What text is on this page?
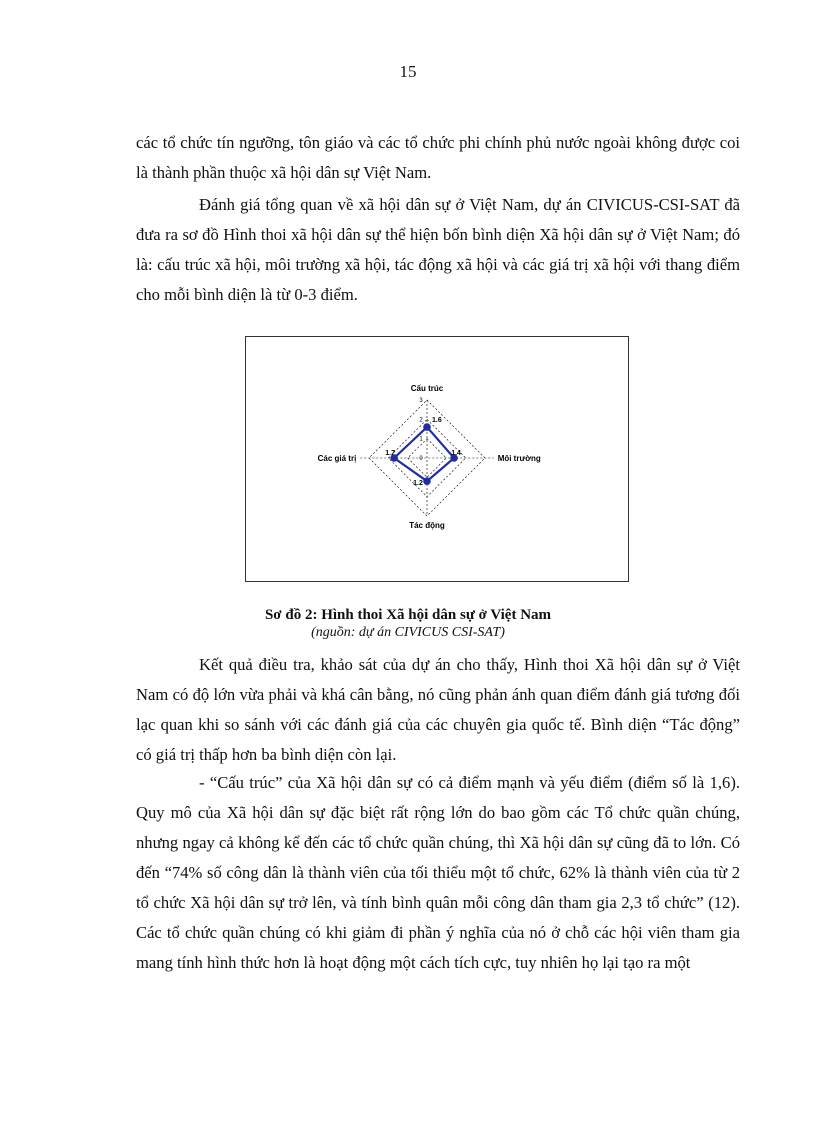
15

các tổ chức tín ngưỡng, tôn giáo và các tổ chức phi chính phủ nước ngoài không được coi là thành phần thuộc xã hội dân sự Việt Nam.

Đánh giá tổng quan về xã hội dân sự ở Việt Nam, dự án CIVICUS-CSI-SAT đã đưa ra sơ đồ Hình thoi xã hội dân sự thể hiện bốn bình diện Xã hội dân sự ở Việt Nam; đó là: cấu trúc xã hội, môi trường xã hội, tác động xã hội và các giá trị xã hội với thang điểm cho mỗi bình diện là từ 0-3 điểm.

Cấu trúc
Môi trường
Tác động
Các giá trị	0
1
2
3
1.6
1.4
1.2
1.7
Sơ đồ 2: Hình thoi Xã hội dân sự ở Việt Nam
(nguồn: dự án CIVICUS CSI-SAT)

Kết quả điều tra, khảo sát của dự án cho thấy, Hình thoi Xã hội dân sự ở Việt Nam có độ lớn vừa phải và khá cân bằng, nó cũng phản ánh quan điểm đánh giá tương đối lạc quan khi so sánh với các đánh giá của các chuyên gia quốc tế. Bình diện “Tác động” có giá trị thấp hơn ba bình diện còn lại.

- “Cấu trúc” của Xã hội dân sự có cả điểm mạnh và yếu điểm (điểm số là 1,6). Quy mô của Xã hội dân sự đặc biệt rất rộng lớn do bao gồm các Tổ chức quần chúng, nhưng ngay cả không kể đến các tổ chức quần chúng, thì Xã hội dân sự cũng đã to lớn. Có đến “74% số công dân là thành viên của tối thiểu một tổ chức, 62% là thành viên của từ 2 tổ chức Xã hội dân sự trở lên, và tính bình quân mỗi công dân tham gia 2,3 tổ chức” (12). Các tổ chức quần chúng có khi giảm đi phần ý nghĩa của nó ở chỗ các hội viên tham gia mang tính hình thức hơn là hoạt động một cách tích cực, tuy nhiên họ lại tạo ra một
